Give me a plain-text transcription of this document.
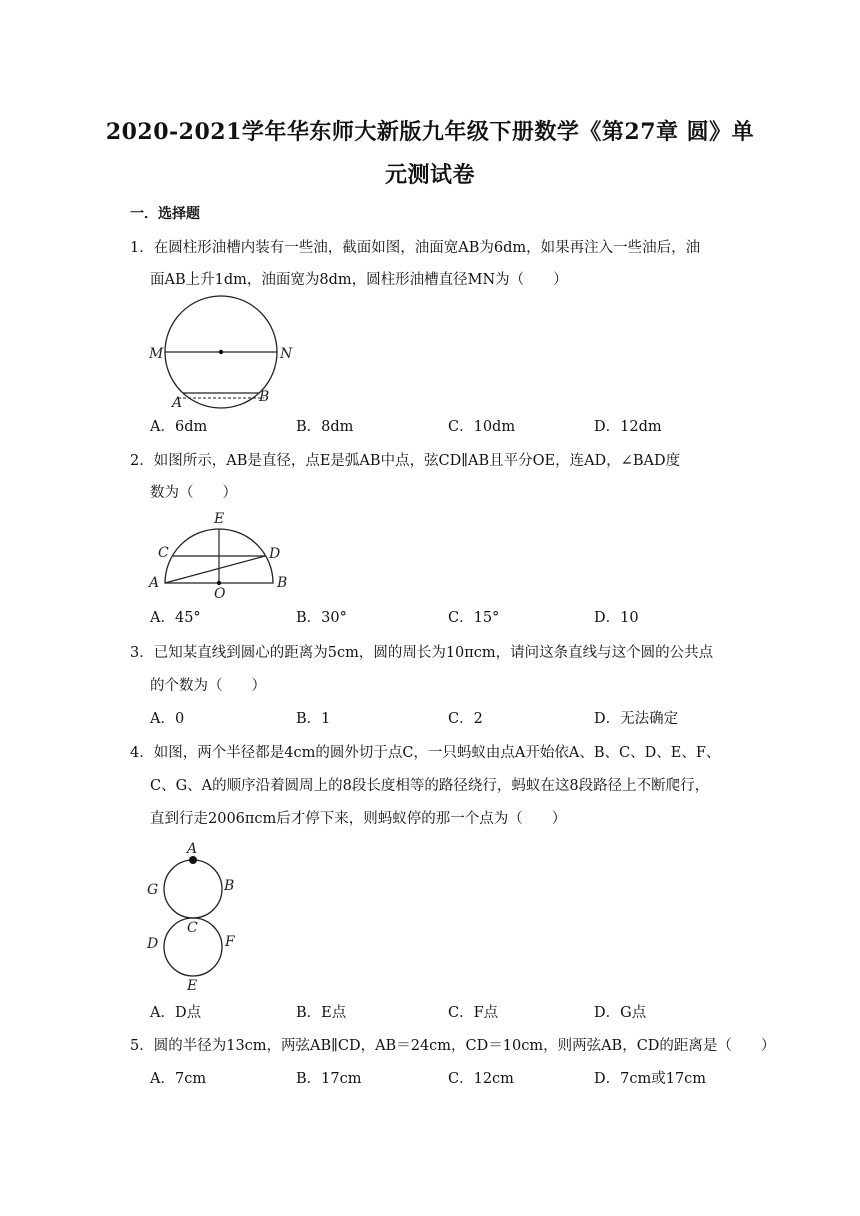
2020-2021学年华东师大新版九年级下册数学《第27章 圆》单
元测试卷
一．选择题
1．在圆柱形油槽内装有一些油，截面如图，油面宽AB为6dm，如果再注入一些油后，油
面AB上升1dm，油面宽为8dm，圆柱形油槽直径MN为（　　）
M	N
A	B
A．6dm	B．8dm	C．10dm	D．12dm
2．如图所示，AB是直径，点E是弧AB中点，弦CD∥AB且平分OE，连AD，∠BAD度
数为（　　）
E
C	D
A
O
B
A．45°	B．30°	C．15°	D．10
3．已知某直线到圆心的距离为5cm，圆的周长为10πcm，请问这条直线与这个圆的公共点
的个数为（　　）
A．0	B．1	C．2	D．无法确定
4．如图，两个半径都是4cm的圆外切于点C，一只蚂蚁由点A开始依A、B、C、D、E、F、
C、G、A的顺序沿着圆周上的8段长度相等的路径绕行，蚂蚁在这8段路径上不断爬行，
直到行走2006πcm后才停下来，则蚂蚁停的那一个点为（　　）
A
G	B
C
D	F
E
A．D点	B．E点	C．F点	D．G点
5．圆的半径为13cm，两弦AB∥CD，AB＝24cm，CD＝10cm，则两弦AB，CD的距离是（　　）
A．7cm	B．17cm	C．12cm	D．7cm或17cm
